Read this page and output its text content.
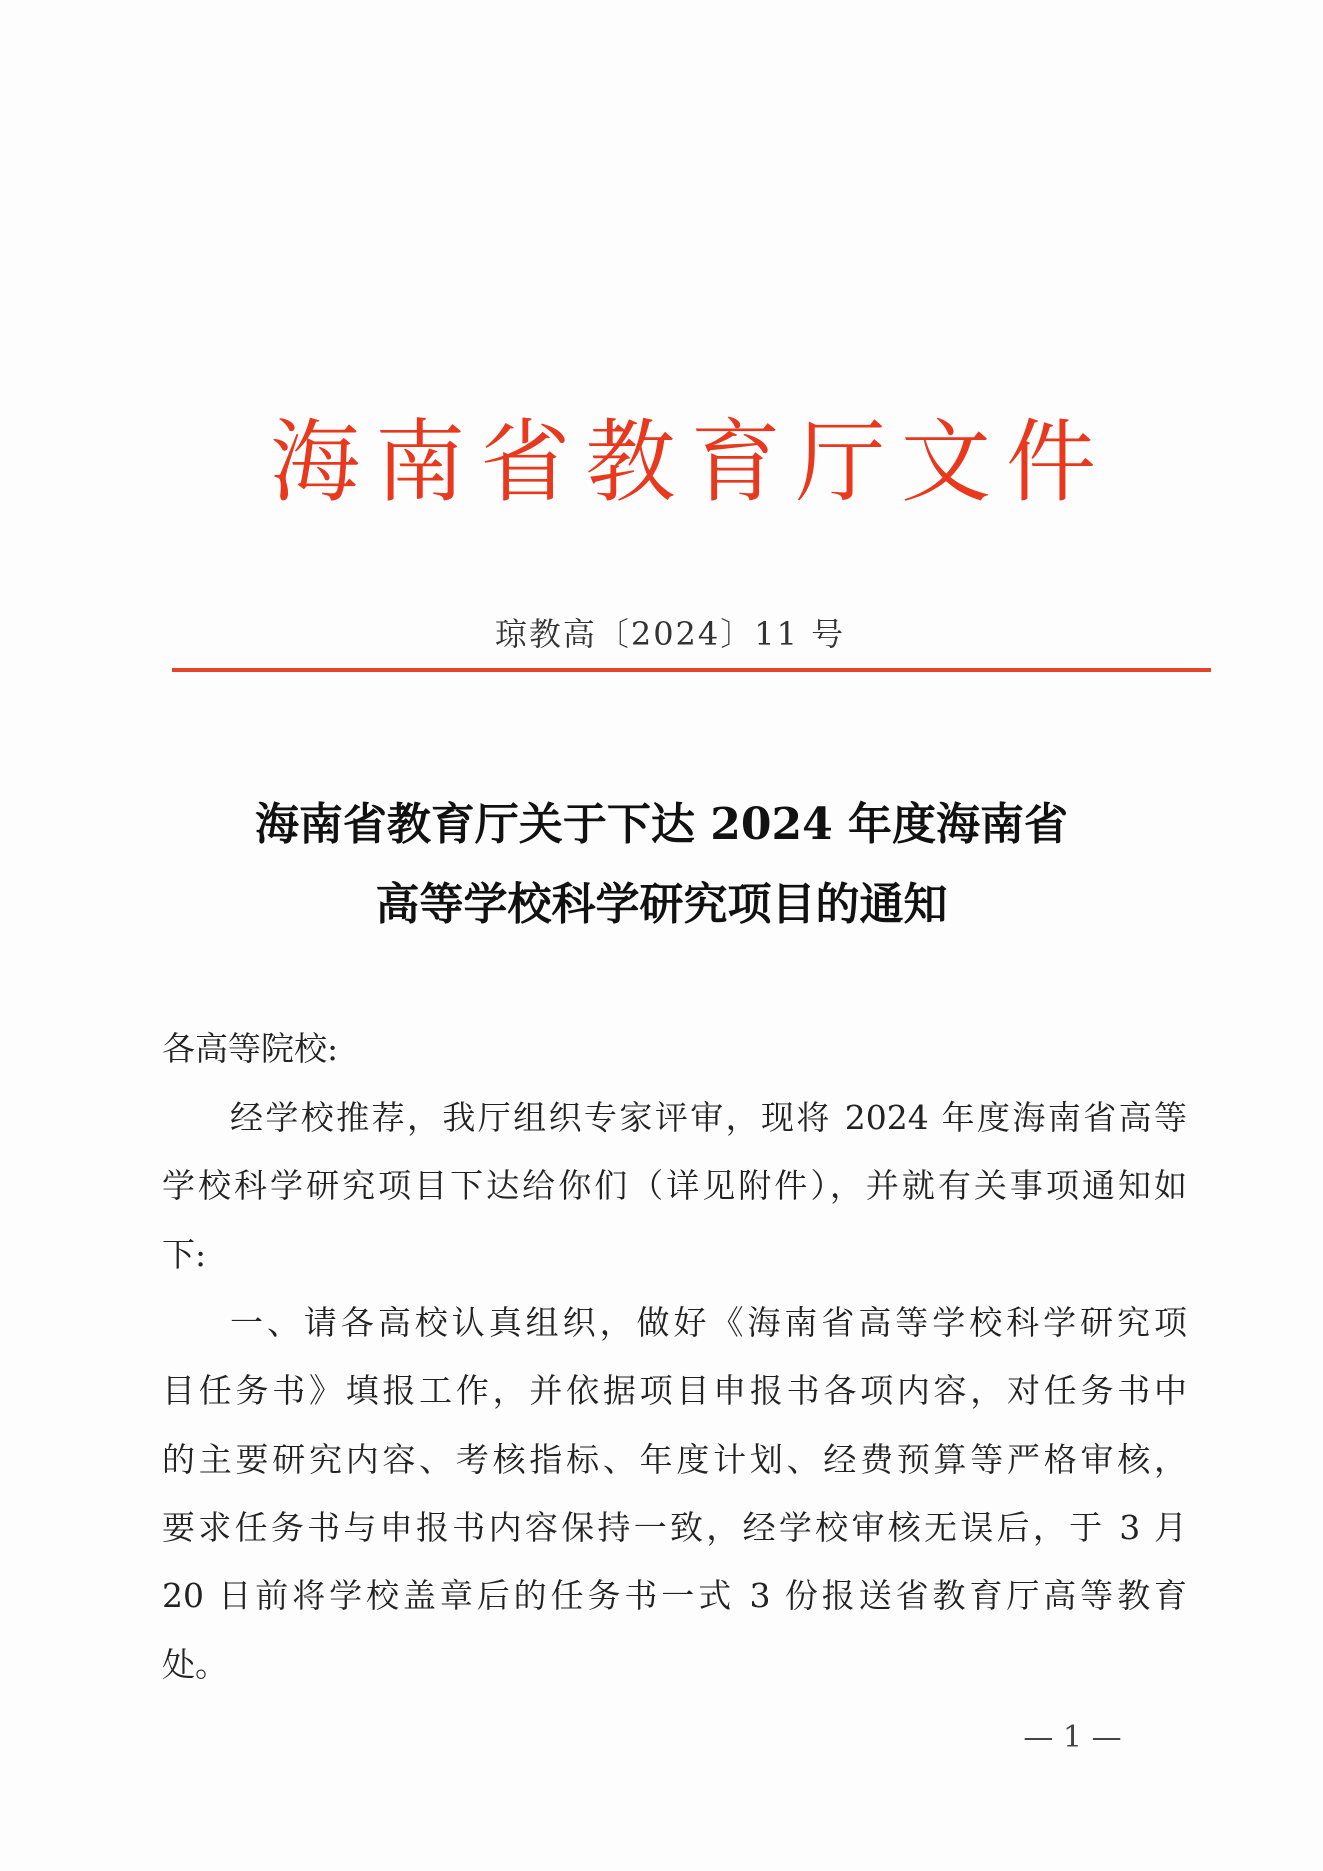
海南省教育厅文件
琼教高〔2024〕11 号
海南省教育厅关于下达 2024 年度海南省
高等学校科学研究项目的通知
各高等院校:
经学校推荐，我厅组织专家评审，现将 2024 年度海南省高等
学校科学研究项目下达给你们（详见附件），并就有关事项通知如
下:
一、请各高校认真组织，做好《海南省高等学校科学研究项
目任务书》填报工作，并依据项目申报书各项内容，对任务书中
的主要研究内容、考核指标、年度计划、经费预算等严格审核，
要求任务书与申报书内容保持一致，经学校审核无误后，于 3 月
20 日前将学校盖章后的任务书一式 3 份报送省教育厅高等教育
处。
— 1 —
